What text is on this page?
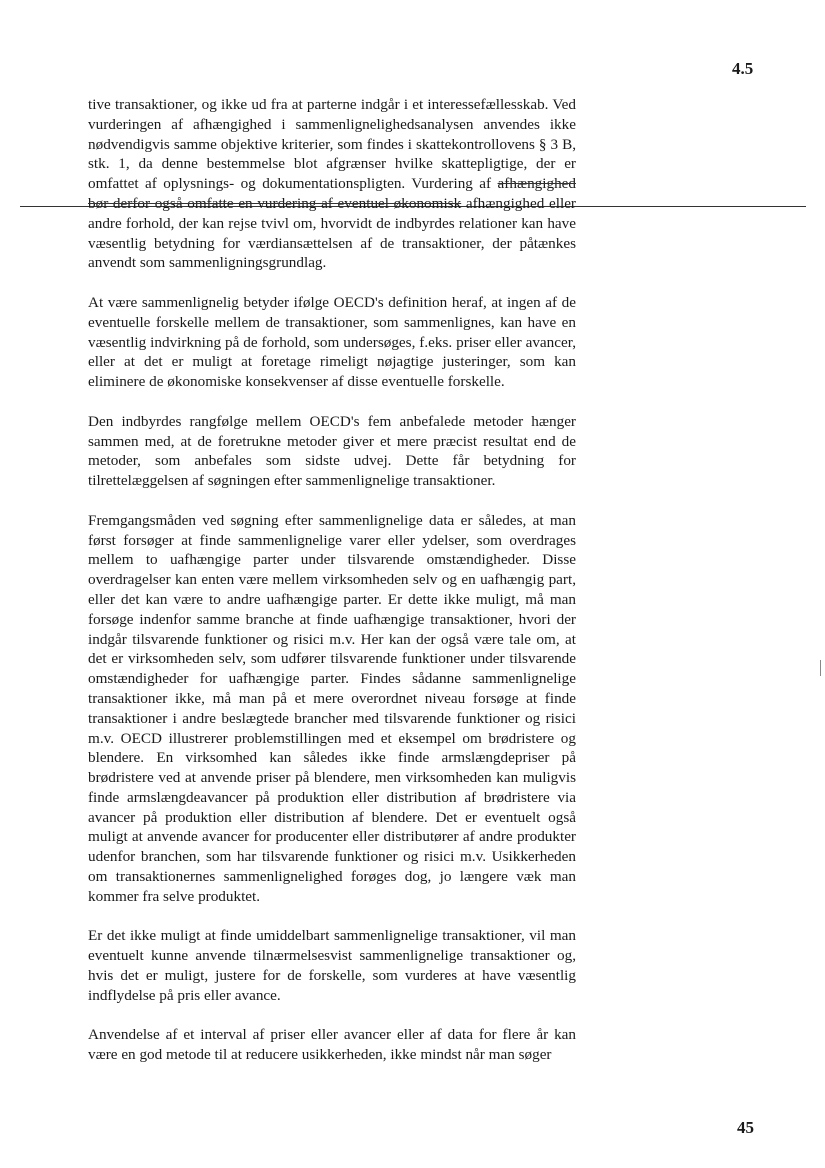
4.5

tive transaktioner, og ikke ud fra at parterne indgår i et interessefællesskab. Ved vurderingen af afhængighed i sammenlignelighedsanalysen anvendes ikke nødvendigvis samme objektive kriterier, som findes i skattekontrollovens § 3 B, stk. 1, da denne bestemmelse blot afgrænser hvilke skattepligtige, der er omfattet af oplysnings- og dokumentationspligten. Vurdering af afhængighed bør derfor også omfatte en vurdering af eventuel økonomisk afhængighed eller andre forhold, der kan rejse tvivl om, hvorvidt de indbyrdes relationer kan have væsentlig betydning for værdiansættelsen af de transaktioner, der påtænkes anvendt som sammenligningsgrundlag.

At være sammenlignelig betyder ifølge OECD's definition heraf, at ingen af de eventuelle forskelle mellem de transaktioner, som sammenlignes, kan have en væsentlig indvirkning på de forhold, som undersøges, f.eks. priser eller avancer, eller at det er muligt at foretage rimeligt nøjagtige justeringer, som kan eliminere de økonomiske konsekvenser af disse eventuelle forskelle.

Den indbyrdes rangfølge mellem OECD's fem anbefalede metoder hænger sammen med, at de foretrukne metoder giver et mere præcist resultat end de metoder, som anbefales som sidste udvej. Dette får betydning for tilrettelæggelsen af søgningen efter sammenlignelige transaktioner.

Fremgangsmåden ved søgning efter sammenlignelige data er således, at man først forsøger at finde sammenlignelige varer eller ydelser, som overdrages mellem to uafhængige parter under tilsvarende omstændigheder. Disse overdragelser kan enten være mellem virksomheden selv og en uafhængig part, eller det kan være to andre uafhængige parter. Er dette ikke muligt, må man forsøge indenfor samme branche at finde uafhængige transaktioner, hvori der indgår tilsvarende funktioner og risici m.v. Her kan der også være tale om, at det er virksomheden selv, som udfører tilsvarende funktioner under tilsvarende omstændigheder for uafhængige parter. Findes sådanne sammenlignelige transaktioner ikke, må man på et mere overordnet niveau forsøge at finde transaktioner i andre beslægtede brancher med tilsvarende funktioner og risici m.v. OECD illustrerer problemstillingen med et eksempel om brødristere og blendere. En virksomhed kan således ikke finde armslængdepriser på brødristere ved at anvende priser på blendere, men virksomheden kan muligvis finde armslængdeavancer på produktion eller distribution af brødristere via avancer på produktion eller distribution af blendere. Det er eventuelt også muligt at anvende avancer for producenter eller distributører af andre produkter udenfor branchen, som har tilsvarende funktioner og risici m.v. Usikkerheden om transaktionernes sammenlignelighed forøges dog, jo længere væk man kommer fra selve produktet.

Er det ikke muligt at finde umiddelbart sammenlignelige transaktioner, vil man eventuelt kunne anvende tilnærmelsesvist sammenlignelige transaktioner og, hvis det er muligt, justere for de forskelle, som vurderes at have væsentlig indflydelse på pris eller avance.

Anvendelse af et interval af priser eller avancer eller af data for flere år kan være en god metode til at reducere usikkerheden, ikke mindst når man søger

45
